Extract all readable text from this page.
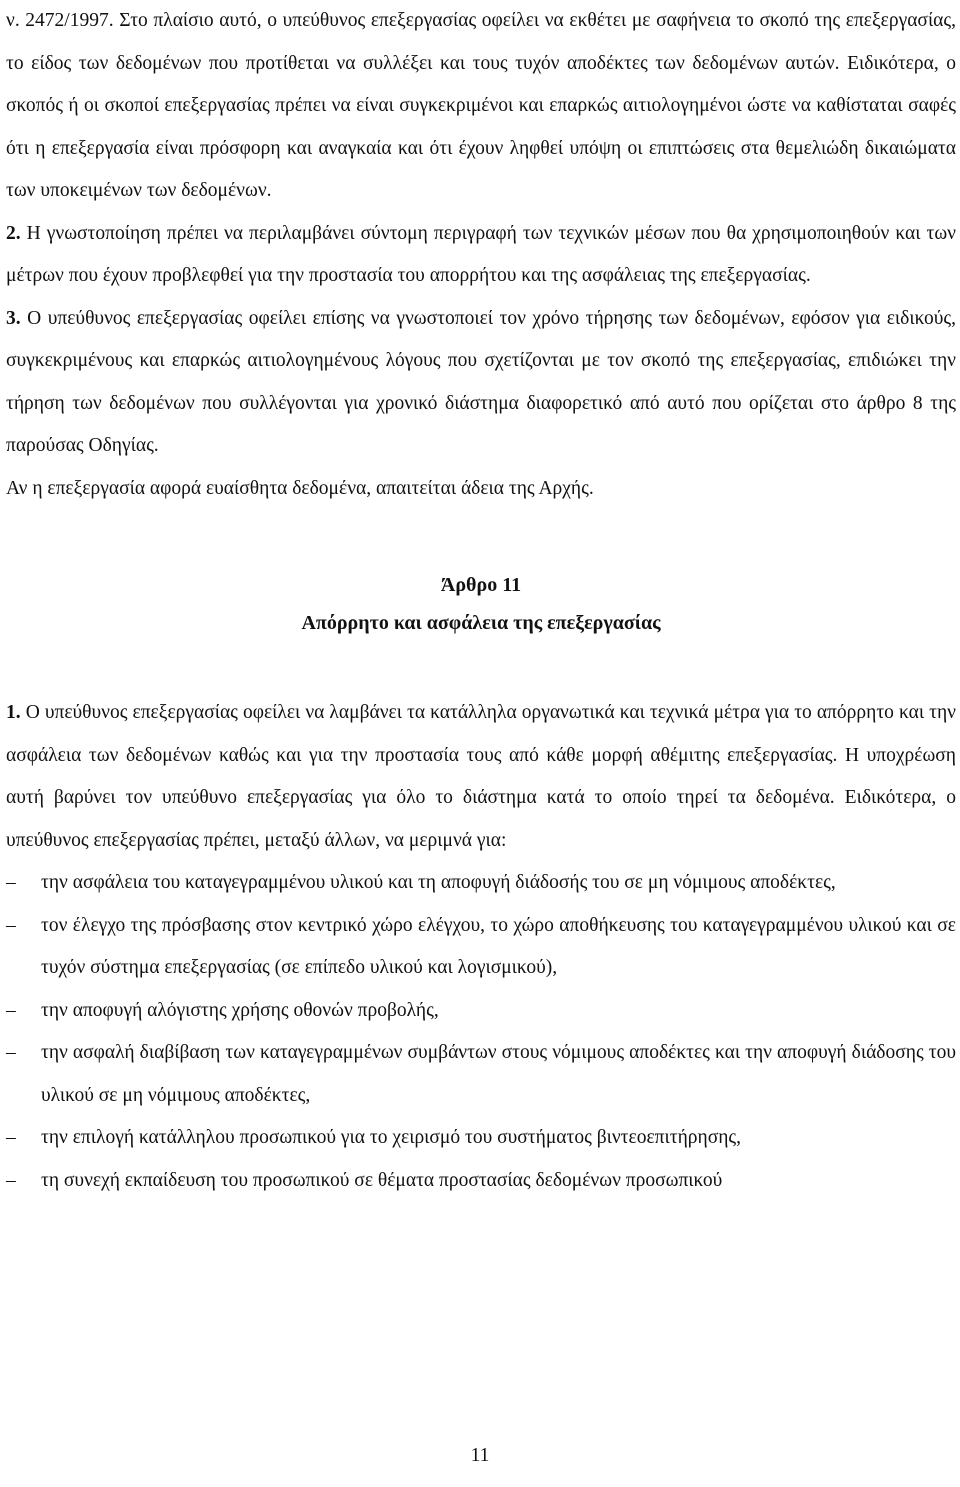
ν. 2472/1997. Στο πλαίσιο αυτό, ο υπεύθυνος επεξεργασίας οφείλει να εκθέτει με σαφήνεια το σκοπό της επεξεργασίας, το είδος των δεδομένων που προτίθεται να συλλέξει και τους τυχόν αποδέκτες των δεδομένων αυτών. Ειδικότερα, ο σκοπός ή οι σκοποί επεξεργασίας πρέπει να είναι συγκεκριμένοι και επαρκώς αιτιολογημένοι ώστε να καθίσταται σαφές ότι η επεξεργασία είναι πρόσφορη και αναγκαία και ότι έχουν ληφθεί υπόψη οι επιπτώσεις στα θεμελιώδη δικαιώματα των υποκειμένων των δεδομένων.

2. Η γνωστοποίηση πρέπει να περιλαμβάνει σύντομη περιγραφή των τεχνικών μέσων που θα χρησιμοποιηθούν και των μέτρων που έχουν προβλεφθεί για την προστασία του απορρήτου και της ασφάλειας της επεξεργασίας.

3. Ο υπεύθυνος επεξεργασίας οφείλει επίσης να γνωστοποιεί τον χρόνο τήρησης των δεδομένων, εφόσον για ειδικούς, συγκεκριμένους και επαρκώς αιτιολογημένους λόγους που σχετίζονται με τον σκοπό της επεξεργασίας, επιδιώκει την τήρηση των δεδομένων που συλλέγονται για χρονικό διάστημα διαφορετικό από αυτό που ορίζεται στο άρθρο 8 της παρούσας Οδηγίας.

Αν η επεξεργασία αφορά ευαίσθητα δεδομένα, απαιτείται άδεια της Αρχής.

Άρθρο 11
Απόρρητο και ασφάλεια της επεξεργασίας

1. Ο υπεύθυνος επεξεργασίας οφείλει να λαμβάνει τα κατάλληλα οργανωτικά και τεχνικά μέτρα για το απόρρητο και την ασφάλεια των δεδομένων καθώς και για την προστασία τους από κάθε μορφή αθέμιτης επεξεργασίας. Η υποχρέωση αυτή βαρύνει τον υπεύθυνο επεξεργασίας για όλο το διάστημα κατά το οποίο τηρεί τα δεδομένα. Ειδικότερα, ο υπεύθυνος επεξεργασίας πρέπει, μεταξύ άλλων, να μεριμνά για:

– την ασφάλεια του καταγεγραμμένου υλικού και τη αποφυγή διάδοσής του σε μη νόμιμους αποδέκτες,
– τον έλεγχο της πρόσβασης στον κεντρικό χώρο ελέγχου, το χώρο αποθήκευσης του καταγεγραμμένου υλικού και σε τυχόν σύστημα επεξεργασίας (σε επίπεδο υλικού και λογισμικού),
– την αποφυγή αλόγιστης χρήσης οθονών προβολής,
– την ασφαλή διαβίβαση των καταγεγραμμένων συμβάντων στους νόμιμους αποδέκτες και την αποφυγή διάδοσης του υλικού σε μη νόμιμους αποδέκτες,
– την επιλογή κατάλληλου προσωπικού για το χειρισμό του συστήματος βιντεοεπιτήρησης,
– τη συνεχή εκπαίδευση του προσωπικού σε θέματα προστασίας δεδομένων προσωπικού
11
